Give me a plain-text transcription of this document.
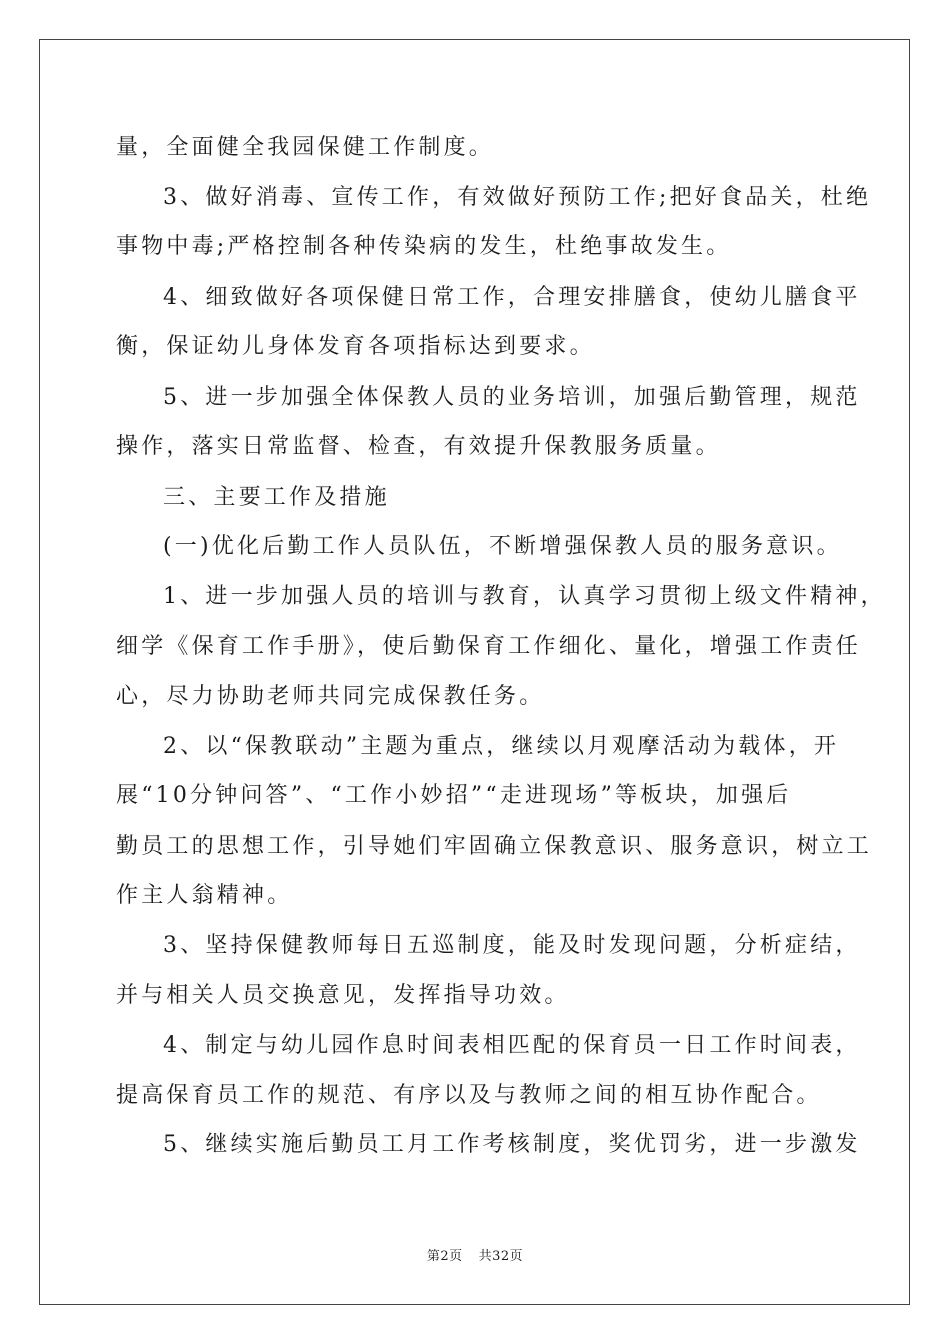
量，全面健全我园保健工作制度。
3、做好消毒、宣传工作，有效做好预防工作;把好食品关，杜绝
事物中毒;严格控制各种传染病的发生，杜绝事故发生。
4、细致做好各项保健日常工作，合理安排膳食，使幼儿膳食平
衡，保证幼儿身体发育各项指标达到要求。
5、进一步加强全体保教人员的业务培训，加强后勤管理，规范
操作，落实日常监督、检查，有效提升保教服务质量。
三、主要工作及措施
(一)优化后勤工作人员队伍，不断增强保教人员的服务意识。
1、进一步加强人员的培训与教育，认真学习贯彻上级文件精神，
细学《保育工作手册》，使后勤保育工作细化、量化，增强工作责任
心，尽力协助老师共同完成保教任务。
2、以“保教联动”主题为重点，继续以月观摩活动为载体，开
展“10分钟问答”、“工作小妙招”“走进现场”等板块，加强后
勤员工的思想工作，引导她们牢固确立保教意识、服务意识，树立工
作主人翁精神。
3、坚持保健教师每日五巡制度，能及时发现问题，分析症结，
并与相关人员交换意见，发挥指导功效。
4、制定与幼儿园作息时间表相匹配的保育员一日工作时间表，
提高保育员工作的规范、有序以及与教师之间的相互协作配合。
5、继续实施后勤员工月工作考核制度，奖优罚劣，进一步激发
第2页 共32页
